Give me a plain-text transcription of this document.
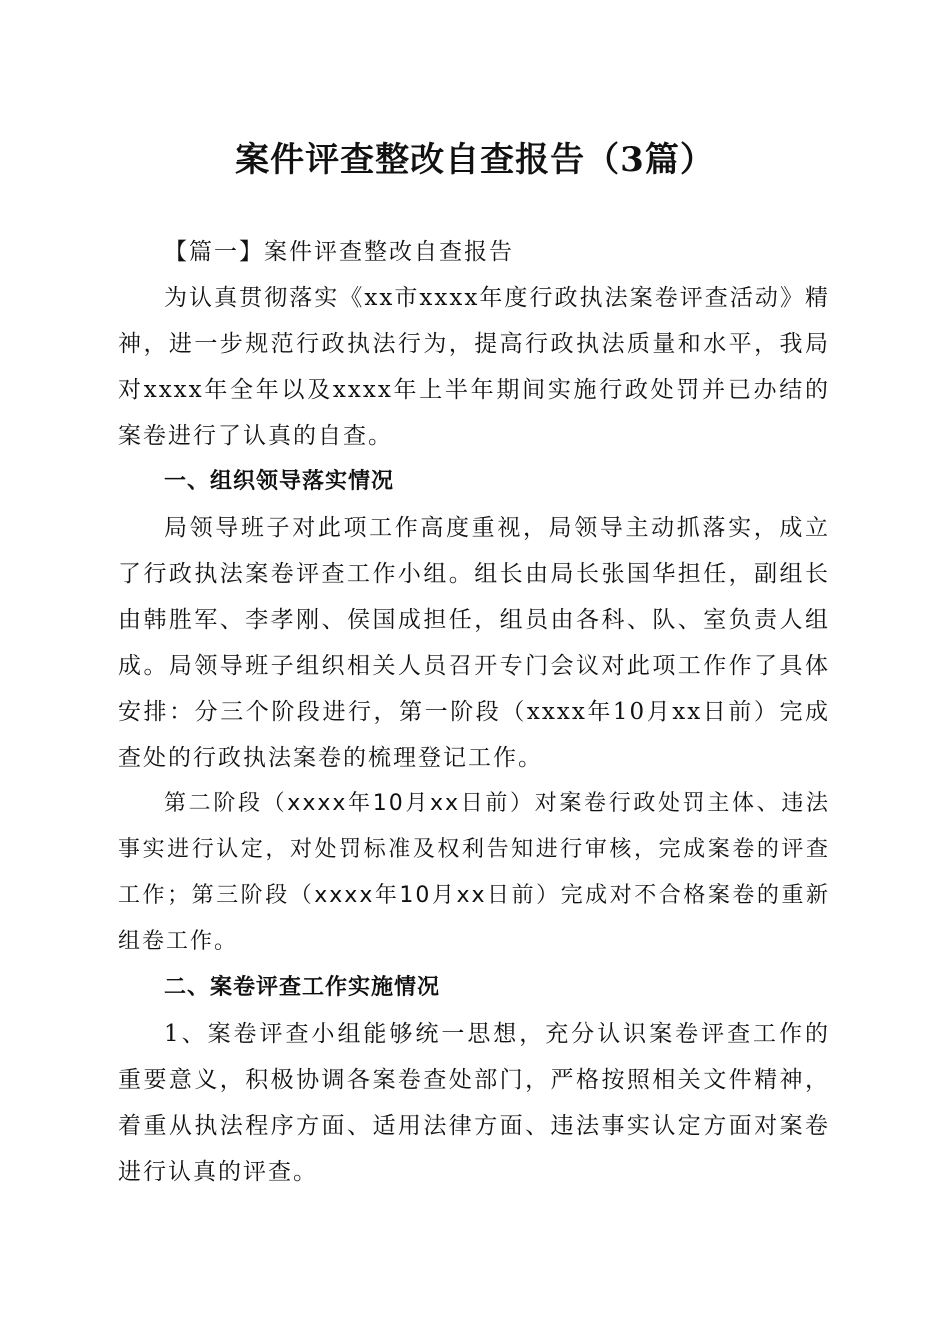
案件评查整改自查报告（3篇）

【篇一】案件评查整改自查报告

为认真贯彻落实《xx市xxxx年度行政执法案卷评查活动》精神，进一步规范行政执法行为，提高行政执法质量和水平，我局对xxxx年全年以及xxxx年上半年期间实施行政处罚并已办结的案卷进行了认真的自查。

一、组织领导落实情况

局领导班子对此项工作高度重视，局领导主动抓落实，成立了行政执法案卷评查工作小组。组长由局长张国华担任，副组长由韩胜军、李孝刚、侯国成担任，组员由各科、队、室负责人组成。局领导班子组织相关人员召开专门会议对此项工作作了具体安排：分三个阶段进行，第一阶段（xxxx年10月xx日前）完成查处的行政执法案卷的梳理登记工作。

第二阶段（xxxx年10月xx日前）对案卷行政处罚主体、违法事实进行认定，对处罚标准及权利告知进行审核，完成案卷的评查工作；第三阶段（xxxx年10月xx日前）完成对不合格案卷的重新组卷工作。

二、案卷评查工作实施情况

1、案卷评查小组能够统一思想，充分认识案卷评查工作的重要意义，积极协调各案卷查处部门，严格按照相关文件精神，着重从执法程序方面、适用法律方面、违法事实认定方面对案卷进行认真的评查。
